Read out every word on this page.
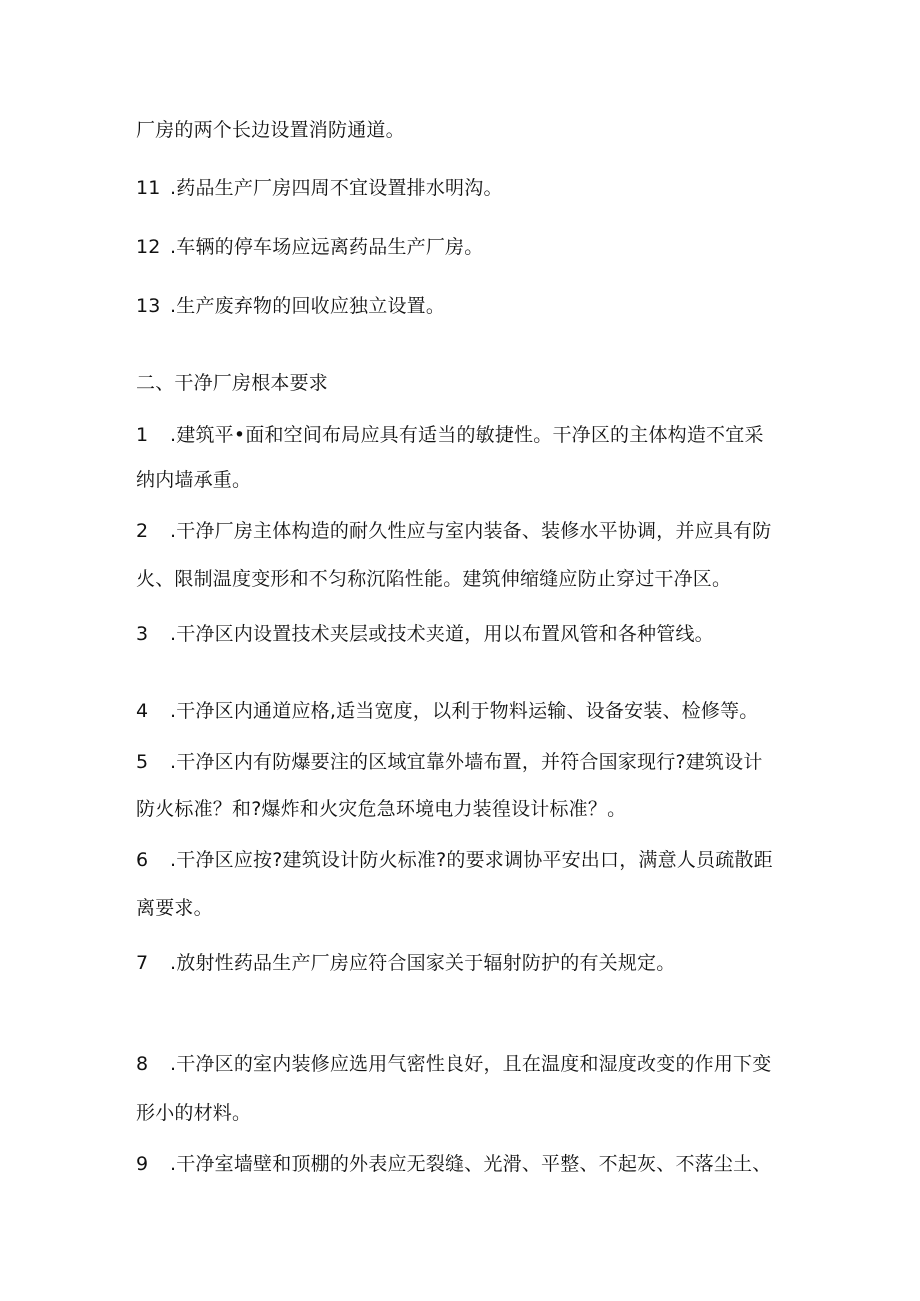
厂房的两个长边设置消防通道。
11 .药品生产厂房四周不宜设置排水明沟。
12 .车辆的停车场应远离药品生产厂房。
13 .生产废弃物的回收应独立设置。
二、干净厂房根本要求
1 .建筑平•面和空间布局应具有适当的敏捷性。干净区的主体构造不宜采
纳内墙承重。
2 .干净厂房主体构造的耐久性应与室内装备、装修水平协调，并应具有防
火、限制温度变形和不匀称沉陷性能。建筑伸缩缝应防止穿过干净区。
3 .干净区内设置技术夹层或技术夹道，用以布置风管和各种管线。
4 .干净区内通道应格,适当宽度，以利于物料运输、设备安装、检修等。
5 .干净区内有防爆要注的区域宜靠外墙布置，并符合国家现行?建筑设计
防火标准？和?爆炸和火灾危急环境电力装徨设计标准？。
6 .干净区应按?建筑设计防火标准?的要求调协平安出口，满意人员疏散距
离要求。
7 .放射性药品生产厂房应符合国家关于辐射防护的有关规定。
8 .干净区的室内装修应选用气密性良好，且在温度和湿度改变的作用下变
形小的材料。
9 .干净室墙壁和顶棚的外表应无裂缝、光滑、平整、不起灰、不落尘土、
